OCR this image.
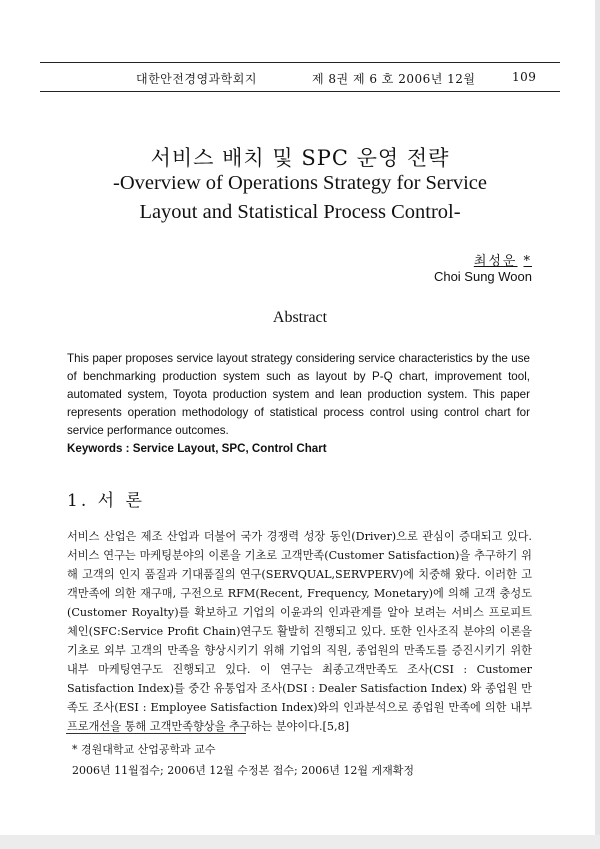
대한안전경영과학회지	제 8권 제 6 호 2006년 12월	109
서비스 배치 및 SPC 운영 전략
-Overview of Operations Strategy for Service
Layout and Statistical Process Control-
최성운 *
Choi Sung Woon
Abstract
This paper proposes service layout strategy considering service characteristics by the use of benchmarking production system such as layout by P-Q chart, improvement tool, automated system, Toyota production system and lean production system. This paper represents operation methodology of statistical process control using control chart for service performance outcomes.
Keywords : Service Layout, SPC, Control Chart
1. 서 론

서비스 산업은 제조 산업과 더불어 국가 경쟁력 성장 동인(Driver)으로 관심이 증대되고 있다. 서비스 연구는 마케팅분야의 이론을 기초로 고객만족(Customer Satisfaction)을 추구하기 위해 고객의 인지 품질과 기대품질의 연구(SERVQUAL,SERVPERV)에 치중해 왔다. 이러한 고객만족에 의한 재구매, 구전으로 RFM(Recent, Frequency, Monetary)에 의해 고객 충성도(Customer Royalty)를 확보하고 기업의 이윤과의 인과관계를 알아 보려는 서비스 프로피트 체인(SFC:Service Profit Chain)연구도 활발히 진행되고 있다. 또한 인사조직 분야의 이론을 기초로 외부 고객의 만족을 향상시키기 위해 기업의 직원, 종업원의 만족도를 증진시키기 위한 내부 마케팅연구도 진행되고 있다. 이 연구는 최종고객만족도 조사(CSI : Customer Satisfaction Index)를 중간 유통업자 조사(DSI : Dealer Satisfaction Index) 와 종업원 만족도 조사(ESI : Employee Satisfaction Index)와의 인과분석으로 종업원 만족에 의한 내부 프로개선을 통해 고객만족향상을 추구하는 분야이다.[5,8]

* 경원대학교 산업공학과 교수
2006년 11월접수; 2006년 12월 수정본 접수; 2006년 12월 게재확정
